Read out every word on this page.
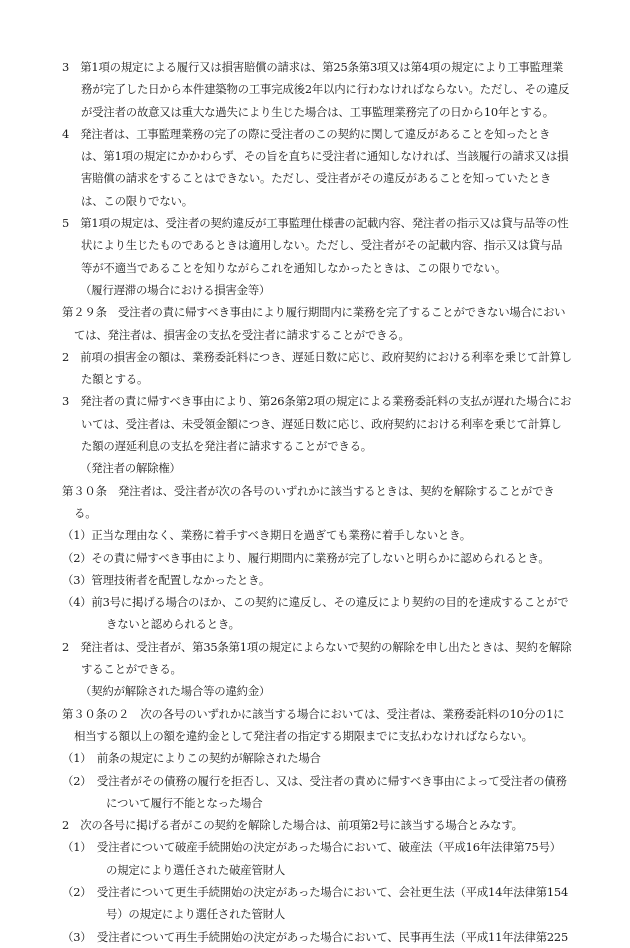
3　第1項の規定による履行又は損害賠償の請求は、第25条第3項又は第4項の規定により工事監理業務が完了した日から本件建築物の工事完成後2年以内に行わなければならない。ただし、その違反が受注者の故意又は重大な過失により生じた場合は、工事監理業務完了の日から10年とする。

4　発注者は、工事監理業務の完了の際に受注者のこの契約に関して違反があることを知ったときは、第1項の規定にかかわらず、その旨を直ちに受注者に通知しなければ、当該履行の請求又は損害賠償の請求をすることはできない。ただし、受注者がその違反があることを知っていたときは、この限りでない。

5　第1項の規定は、受注者の契約違反が工事監理仕様書の記載内容、発注者の指示又は貸与品等の性状により生じたものであるときは適用しない。ただし、受注者がその記載内容、指示又は貸与品等が不適当であることを知りながらこれを通知しなかったときは、この限りでない。

（履行遅滞の場合における損害金等）

第２９条　受注者の責に帰すべき事由により履行期間内に業務を完了することができない場合においては、発注者は、損害金の支払を受注者に請求することができる。

2　前項の損害金の額は、業務委託料につき、遅延日数に応じ、政府契約における利率を乗じて計算した額とする。

3　発注者の責に帰すべき事由により、第26条第2項の規定による業務委託料の支払が遅れた場合においては、受注者は、未受領金額につき、遅延日数に応じ、政府契約における利率を乗じて計算した額の遅延利息の支払を発注者に請求することができる。

（発注者の解除権）

第３０条　発注者は、受注者が次の各号のいずれかに該当するときは、契約を解除することができる。

（1）正当な理由なく、業務に着手すべき期日を過ぎても業務に着手しないとき。

（2）その責に帰すべき事由により、履行期間内に業務が完了しないと明らかに認められるとき。

（3）管理技術者を配置しなかったとき。

（4）前3号に掲げる場合のほか、この契約に違反し、その違反により契約の目的を達成することができないと認められるとき。

2　発注者は、受注者が、第35条第1項の規定によらないで契約の解除を申し出たときは、契約を解除することができる。

（契約が解除された場合等の違約金）

第３０条の２　次の各号のいずれかに該当する場合においては、受注者は、業務委託料の10分の1に相当する額以上の額を違約金として発注者の指定する期限までに支払わなければならない。

（1）　前条の規定によりこの契約が解除された場合

（2）　受注者がその債務の履行を拒否し、又は、受注者の責めに帰すべき事由によって受注者の債務について履行不能となった場合

2　次の各号に掲げる者がこの契約を解除した場合は、前項第2号に該当する場合とみなす。

（1）　受注者について破産手続開始の決定があった場合において、破産法（平成16年法律第75号）の規定により選任された破産管財人

（2）　受注者について更生手続開始の決定があった場合において、会社更生法（平成14年法律第154号）の規定により選任された管財人

（3）　受注者について再生手続開始の決定があった場合において、民事再生法（平成11年法律第225
